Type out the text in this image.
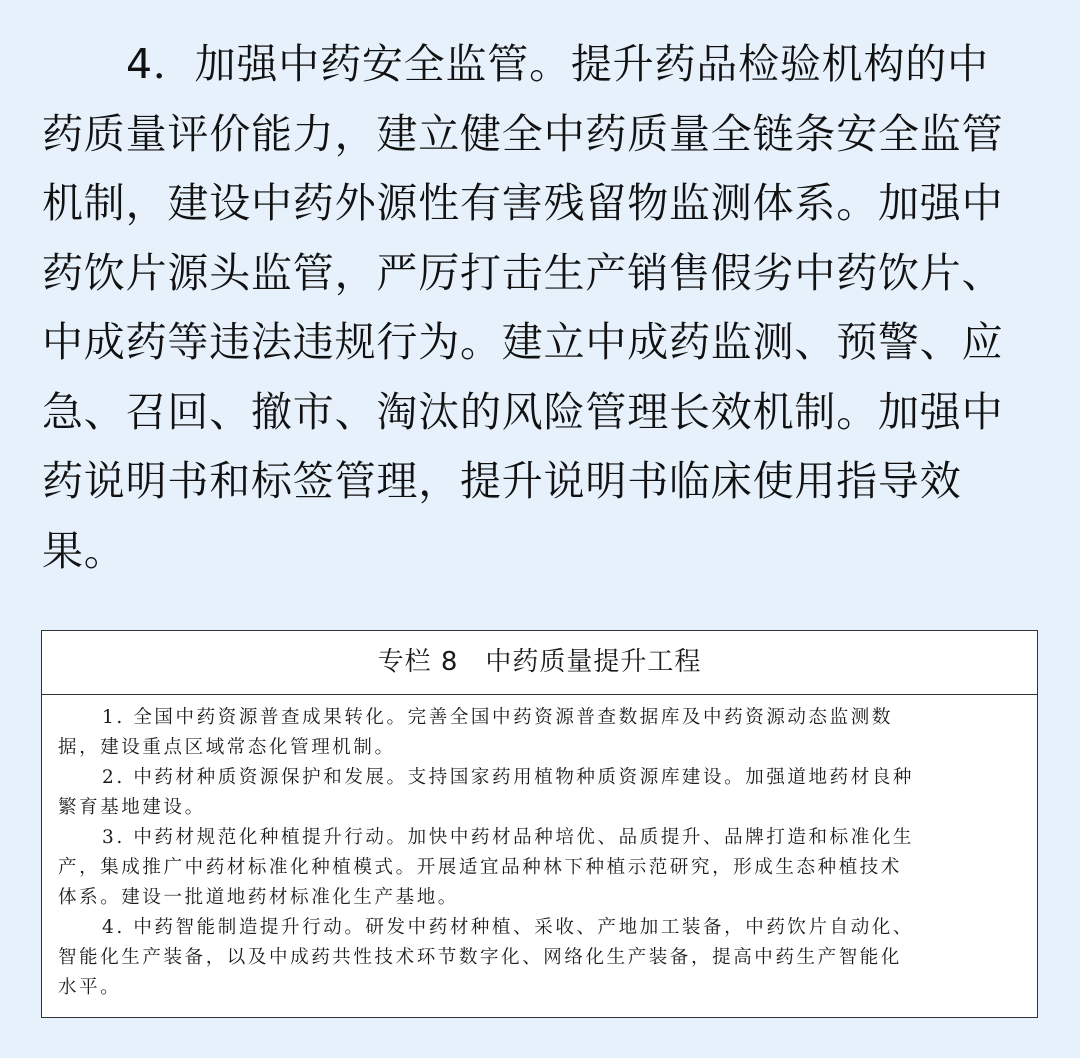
4．加强中药安全监管。提升药品检验机构的中
药质量评价能力，建立健全中药质量全链条安全监管
机制，建设中药外源性有害残留物监测体系。加强中
药饮片源头监管，严厉打击生产销售假劣中药饮片、
中成药等违法违规行为。建立中成药监测、预警、应
急、召回、撤市、淘汰的风险管理长效机制。加强中
药说明书和标签管理，提升说明书临床使用指导效
果。
专栏 8　中药质量提升工程
1. 全国中药资源普查成果转化。完善全国中药资源普查数据库及中药资源动态监测数
据，建设重点区域常态化管理机制。
2. 中药材种质资源保护和发展。支持国家药用植物种质资源库建设。加强道地药材良种
繁育基地建设。
3. 中药材规范化种植提升行动。加快中药材品种培优、品质提升、品牌打造和标准化生
产，集成推广中药材标准化种植模式。开展适宜品种林下种植示范研究，形成生态种植技术
体系。建设一批道地药材标准化生产基地。
4. 中药智能制造提升行动。研发中药材种植、采收、产地加工装备，中药饮片自动化、
智能化生产装备，以及中成药共性技术环节数字化、网络化生产装备，提高中药生产智能化
水平。
